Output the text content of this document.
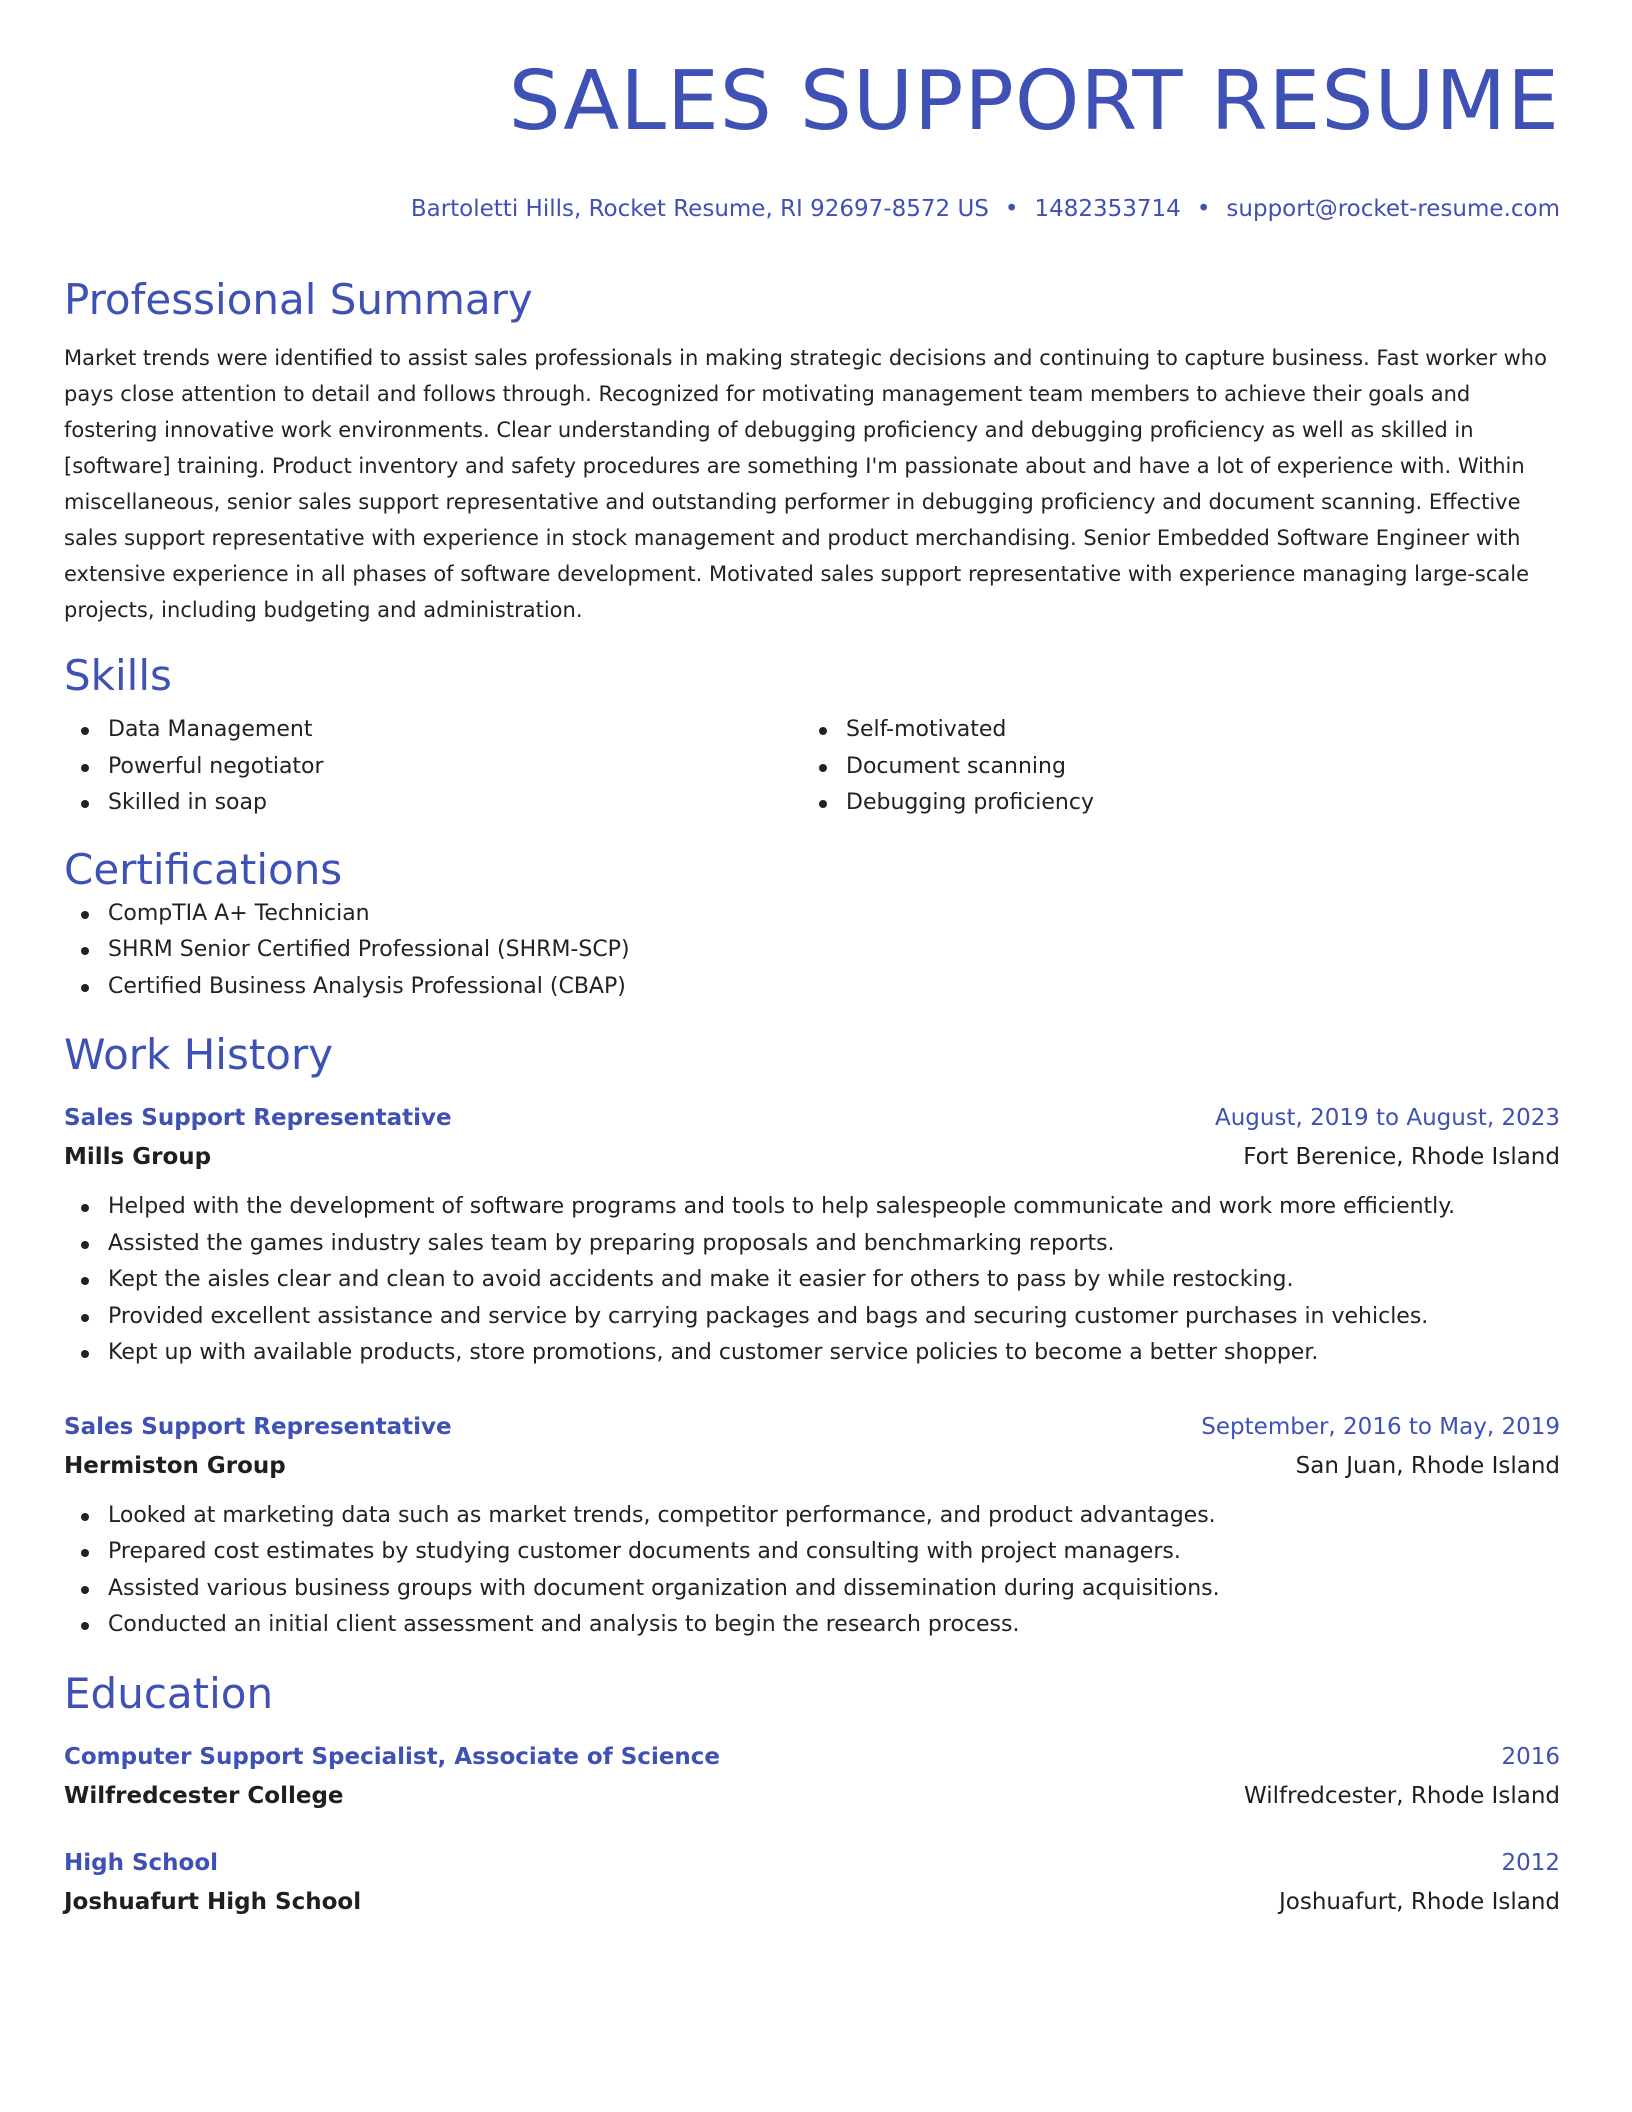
SALES SUPPORT RESUME
Bartoletti Hills, Rocket Resume, RI 92697-8572 US • 1482353714 • support@rocket-resume.com
Professional Summary
Market trends were identified to assist sales professionals in making strategic decisions and continuing to capture business. Fast worker who pays close attention to detail and follows through. Recognized for motivating management team members to achieve their goals and fostering innovative work environments. Clear understanding of debugging proficiency and debugging proficiency as well as skilled in [software] training. Product inventory and safety procedures are something I'm passionate about and have a lot of experience with. Within miscellaneous, senior sales support representative and outstanding performer in debugging proficiency and document scanning. Effective sales support representative with experience in stock management and product merchandising. Senior Embedded Software Engineer with extensive experience in all phases of software development. Motivated sales support representative with experience managing large-scale projects, including budgeting and administration.
Skills
Data Management
Powerful negotiator
Skilled in soap
Self-motivated
Document scanning
Debugging proficiency
Certifications
CompTIA A+ Technician
SHRM Senior Certified Professional (SHRM-SCP)
Certified Business Analysis Professional (CBAP)
Work History
Sales Support Representative	August, 2019 to August, 2023
Mills Group	Fort Berenice, Rhode Island
Helped with the development of software programs and tools to help salespeople communicate and work more efficiently.
Assisted the games industry sales team by preparing proposals and benchmarking reports.
Kept the aisles clear and clean to avoid accidents and make it easier for others to pass by while restocking.
Provided excellent assistance and service by carrying packages and bags and securing customer purchases in vehicles.
Kept up with available products, store promotions, and customer service policies to become a better shopper.
Sales Support Representative	September, 2016 to May, 2019
Hermiston Group	San Juan, Rhode Island
Looked at marketing data such as market trends, competitor performance, and product advantages.
Prepared cost estimates by studying customer documents and consulting with project managers.
Assisted various business groups with document organization and dissemination during acquisitions.
Conducted an initial client assessment and analysis to begin the research process.
Education
Computer Support Specialist, Associate of Science	2016
Wilfredcester College	Wilfredcester, Rhode Island
High School	2012
Joshuafurt High School	Joshuafurt, Rhode Island
